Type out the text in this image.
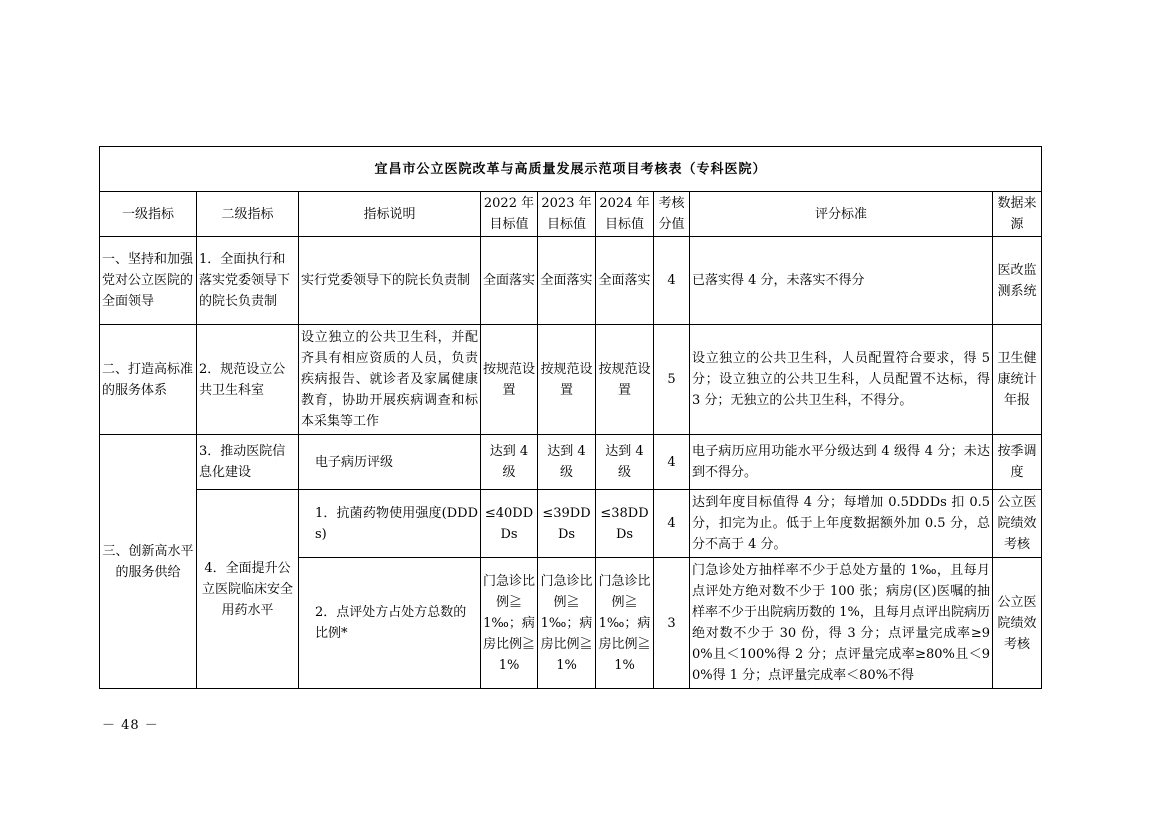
宜昌市公立医院改革与高质量发展示范项目考核表（专科医院）								
一级指标	二级指标	指标说明	2022 年目标值	2023 年目标值	2024 年目标值	考核分值	评分标准	数据来源
一、坚持和加强党对公立医院的全面领导	1．全面执行和落实党委领导下的院长负责制	实行党委领导下的院长负责制	全面落实	全面落实	全面落实	4	已落实得 4 分，未落实不得分	医改监测系统
二、打造高标准的服务体系	2．规范设立公共卫生科室	设立独立的公共卫生科，并配齐具有相应资质的人员，负责疾病报告、就诊者及家属健康教育，协助开展疾病调查和标本采集等工作	按规范设置	按规范设置	按规范设置	5	设立独立的公共卫生科，人员配置符合要求，得 5 分；设立独立的公共卫生科，人员配置不达标，得 3 分；无独立的公共卫生科，不得分。	卫生健康统计年报
三、创新高水平的服务供给	3．推动医院信息化建设	电子病历评级	达到 4 级	达到 4 级	达到 4 级	4	电子病历应用功能水平分级达到 4 级得 4 分；未达到不得分。	按季调度
	4．全面提升公立医院临床安全用药水平	1．抗菌药物使用强度(DDDs)	≤40DDDs	≤39DDDs	≤38DDDs	4	达到年度目标值得 4 分；每增加 0.5DDDs 扣 0.5 分，扣完为止。低于上年度数据额外加 0.5 分，总分不高于 4 分。	公立医院绩效考核
		2．点评处方占处方总数的比例*	门急诊比例≧1‰；病房比例≧1%	门急诊比例≧1‰；病房比例≧1%	门急诊比例≧1‰；病房比例≧1%	3	门急诊处方抽样率不少于总处方量的 1‰，且每月点评处方绝对数不少于 100 张；病房(区)医嘱的抽样率不少于出院病历数的 1%，且每月点评出院病历绝对数不少于 30 份，得 3 分；点评量完成率≥90%且＜100%得 2 分；点评量完成率≥80%且＜90%得 1 分；点评量完成率＜80%不得	公立医院绩效考核
－ 48 －
